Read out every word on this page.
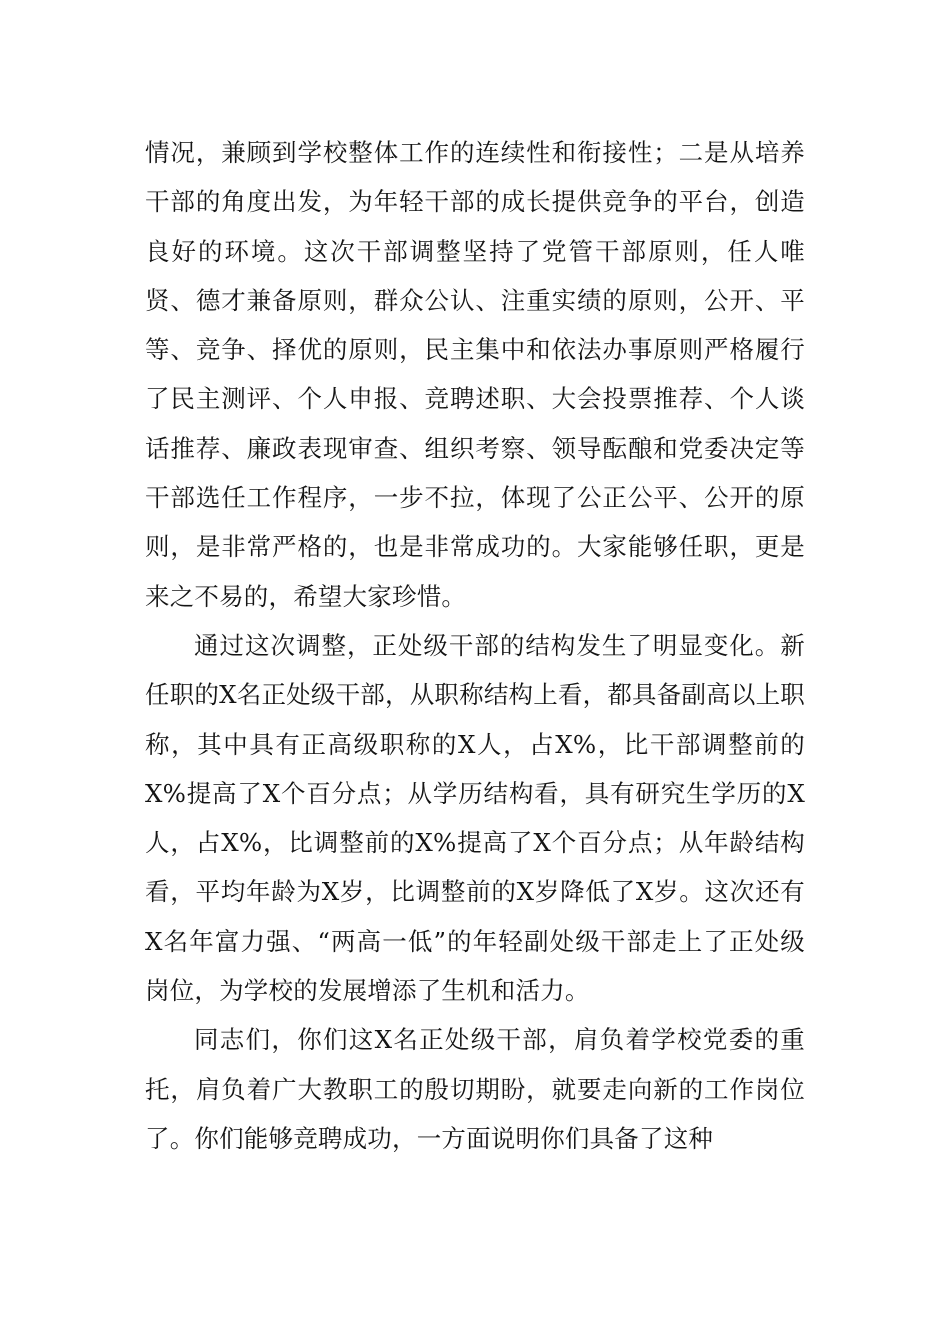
情况，兼顾到学校整体工作的连续性和衔接性；二是从培养干部的角度出发，为年轻干部的成长提供竞争的平台，创造良好的环境。这次干部调整坚持了党管干部原则，任人唯贤、德才兼备原则，群众公认、注重实绩的原则，公开、平等、竞争、择优的原则，民主集中和依法办事原则严格履行了民主测评、个人申报、竞聘述职、大会投票推荐、个人谈话推荐、廉政表现审查、组织考察、领导酝酿和党委决定等干部选任工作程序，一步不拉，体现了公正公平、公开的原则，是非常严格的，也是非常成功的。大家能够任职，更是来之不易的，希望大家珍惜。

通过这次调整，正处级干部的结构发生了明显变化。新任职的X名正处级干部，从职称结构上看，都具备副高以上职称，其中具有正高级职称的X人，占X%，比干部调整前的X%提高了X个百分点；从学历结构看，具有研究生学历的X人，占X%，比调整前的X%提高了X个百分点；从年龄结构看，平均年龄为X岁，比调整前的X岁降低了X岁。这次还有X名年富力强、“两高一低”的年轻副处级干部走上了正处级岗位，为学校的发展增添了生机和活力。

同志们，你们这X名正处级干部，肩负着学校党委的重托，肩负着广大教职工的殷切期盼，就要走向新的工作岗位了。你们能够竞聘成功，一方面说明你们具备了这种
